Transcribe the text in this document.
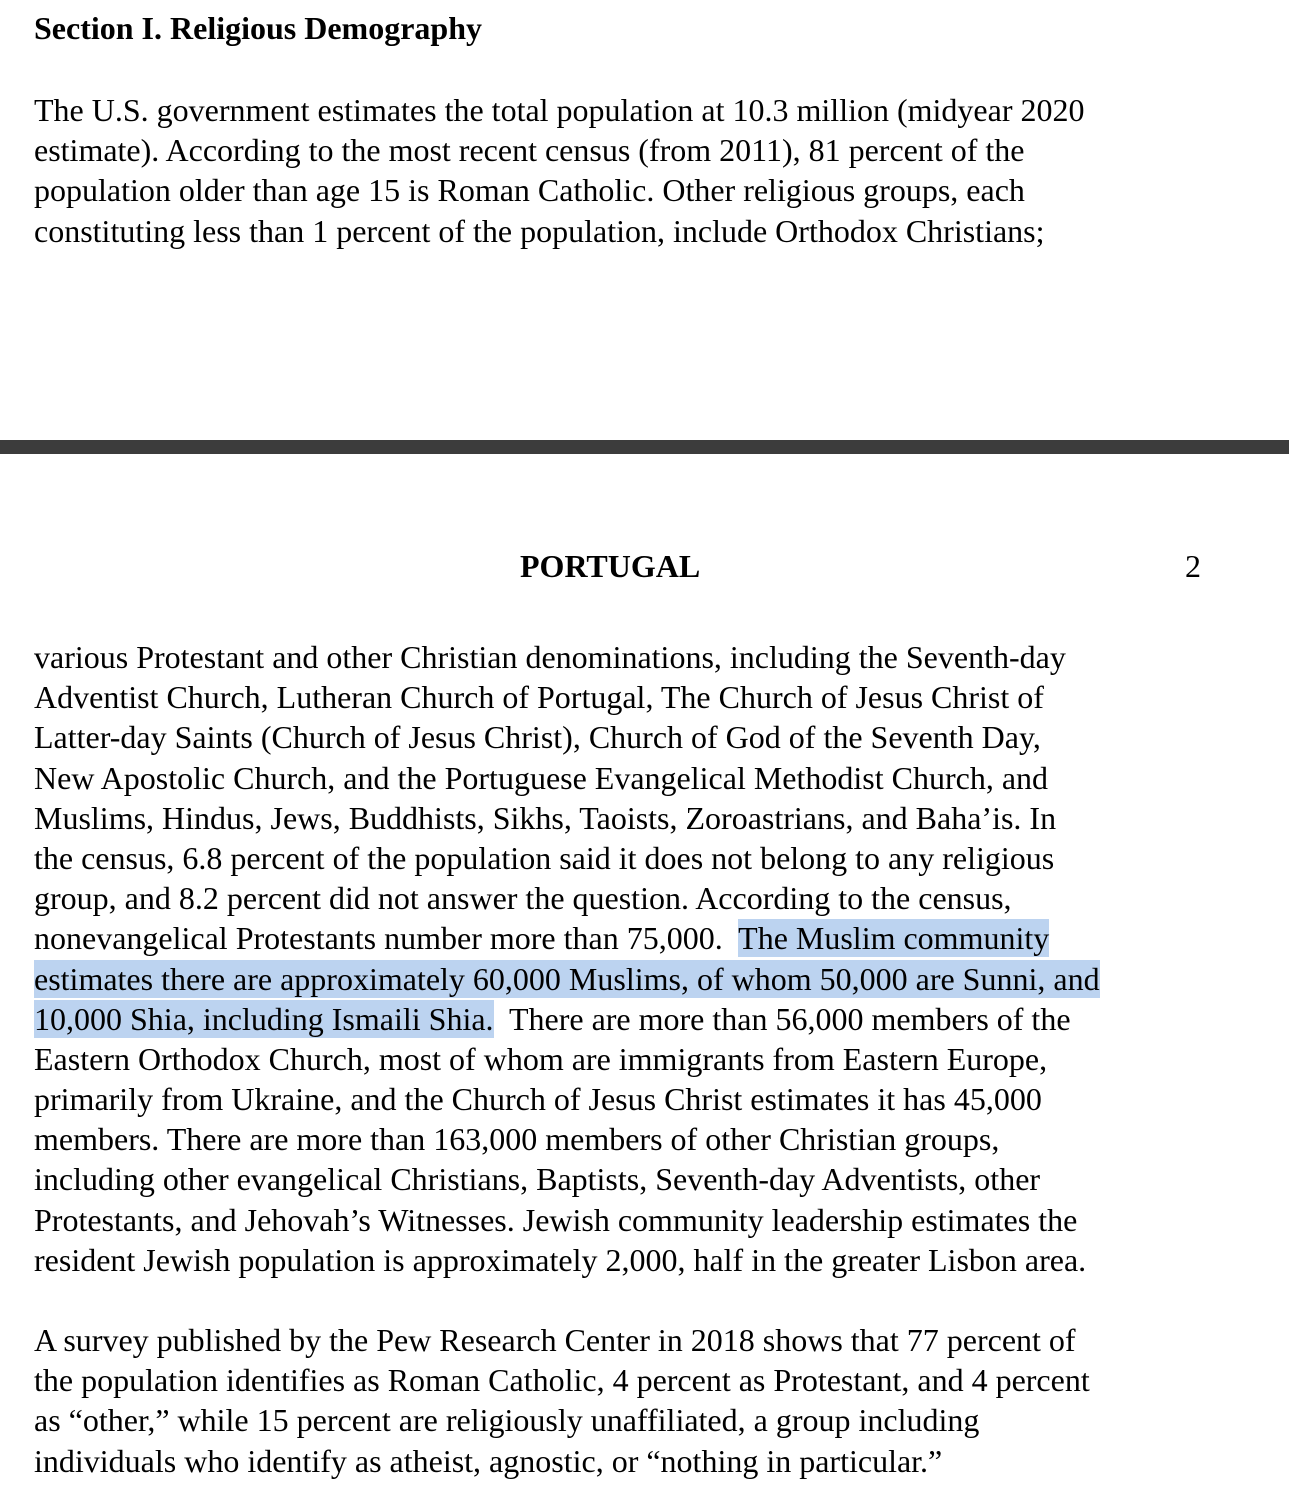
Section I. Religious Demography

The U.S. government estimates the total population at 10.3 million (midyear 2020
estimate). According to the most recent census (from 2011), 81 percent of the
population older than age 15 is Roman Catholic. Other religious groups, each
constituting less than 1 percent of the population, include Orthodox Christians;

PORTUGAL	2

various Protestant and other Christian denominations, including the Seventh-day
Adventist Church, Lutheran Church of Portugal, The Church of Jesus Christ of
Latter-day Saints (Church of Jesus Christ), Church of God of the Seventh Day,
New Apostolic Church, and the Portuguese Evangelical Methodist Church, and
Muslims, Hindus, Jews, Buddhists, Sikhs, Taoists, Zoroastrians, and Baha’is. In
the census, 6.8 percent of the population said it does not belong to any religious
group, and 8.2 percent did not answer the question. According to the census,
nonevangelical Protestants number more than 75,000.  The Muslim community
estimates there are approximately 60,000 Muslims, of whom 50,000 are Sunni, and
10,000 Shia, including Ismaili Shia.  There are more than 56,000 members of the
Eastern Orthodox Church, most of whom are immigrants from Eastern Europe,
primarily from Ukraine, and the Church of Jesus Christ estimates it has 45,000
members. There are more than 163,000 members of other Christian groups,
including other evangelical Christians, Baptists, Seventh-day Adventists, other
Protestants, and Jehovah’s Witnesses. Jewish community leadership estimates the
resident Jewish population is approximately 2,000, half in the greater Lisbon area.

A survey published by the Pew Research Center in 2018 shows that 77 percent of
the population identifies as Roman Catholic, 4 percent as Protestant, and 4 percent
as “other,” while 15 percent are religiously unaffiliated, a group including
individuals who identify as atheist, agnostic, or “nothing in particular.”
